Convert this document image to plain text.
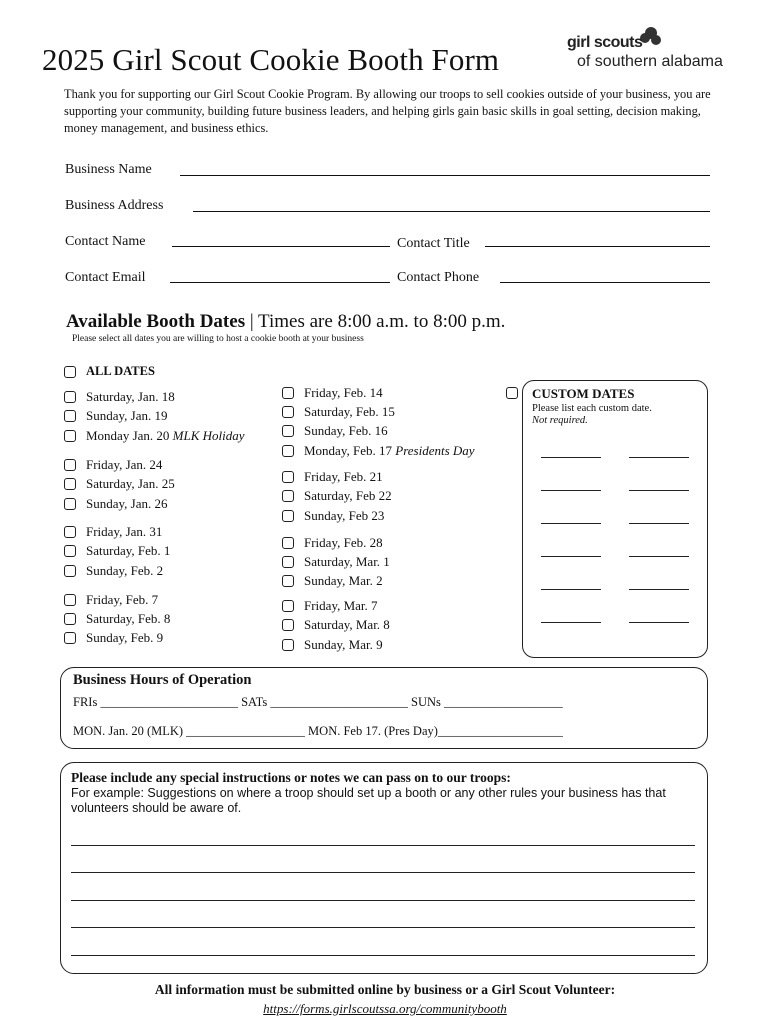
2025 Girl Scout Cookie Booth Form	girl scouts
of southern alabama
Thank you for supporting our Girl Scout Cookie Program. By allowing our troops to sell cookies outside of your business, you are supporting your community, building future business leaders, and helping girls gain basic skills in goal setting, decision making, money management, and business ethics.
Business Name
Business Address
Contact Name	Contact Title
Contact Email	Contact Phone
Available Booth Dates | Times are 8:00 a.m. to 8:00 p.m.
Please select all dates you are willing to host a cookie booth at your business
ALL DATES
Saturday, Jan. 18
Sunday, Jan. 19
Monday Jan. 20
MLK Holiday
Friday, Jan. 24
Saturday, Jan. 25
Sunday, Jan. 26
Friday, Jan. 31
Saturday, Feb. 1
Sunday, Feb. 2
Friday, Feb. 7
Saturday, Feb. 8
Sunday, Feb. 9
Friday, Feb. 14
Saturday, Feb. 15
Sunday, Feb. 16
Monday, Feb. 17
Presidents Day
Friday, Feb. 21
Saturday, Feb 22
Sunday, Feb 23
Friday, Feb. 28
Saturday, Mar. 1
Sunday, Mar. 2
Friday, Mar. 7
Saturday, Mar. 8
Sunday, Mar. 9
CUSTOM DATES
Please list each custom date.
Not required.
Business Hours of Operation
FRIs ______________________ SATs ______________________ SUNs ___________________
MON. Jan. 20 (MLK) ___________________ MON. Feb 17. (Pres Day)____________________
Please include any special instructions or notes we can pass on to our troops:
For example: Suggestions on where a troop should set up a booth or any other rules your business has that volunteers should be aware of.
All information must be submitted online by business or a Girl Scout Volunteer:
https://forms.girlscoutssa.org/communitybooth
